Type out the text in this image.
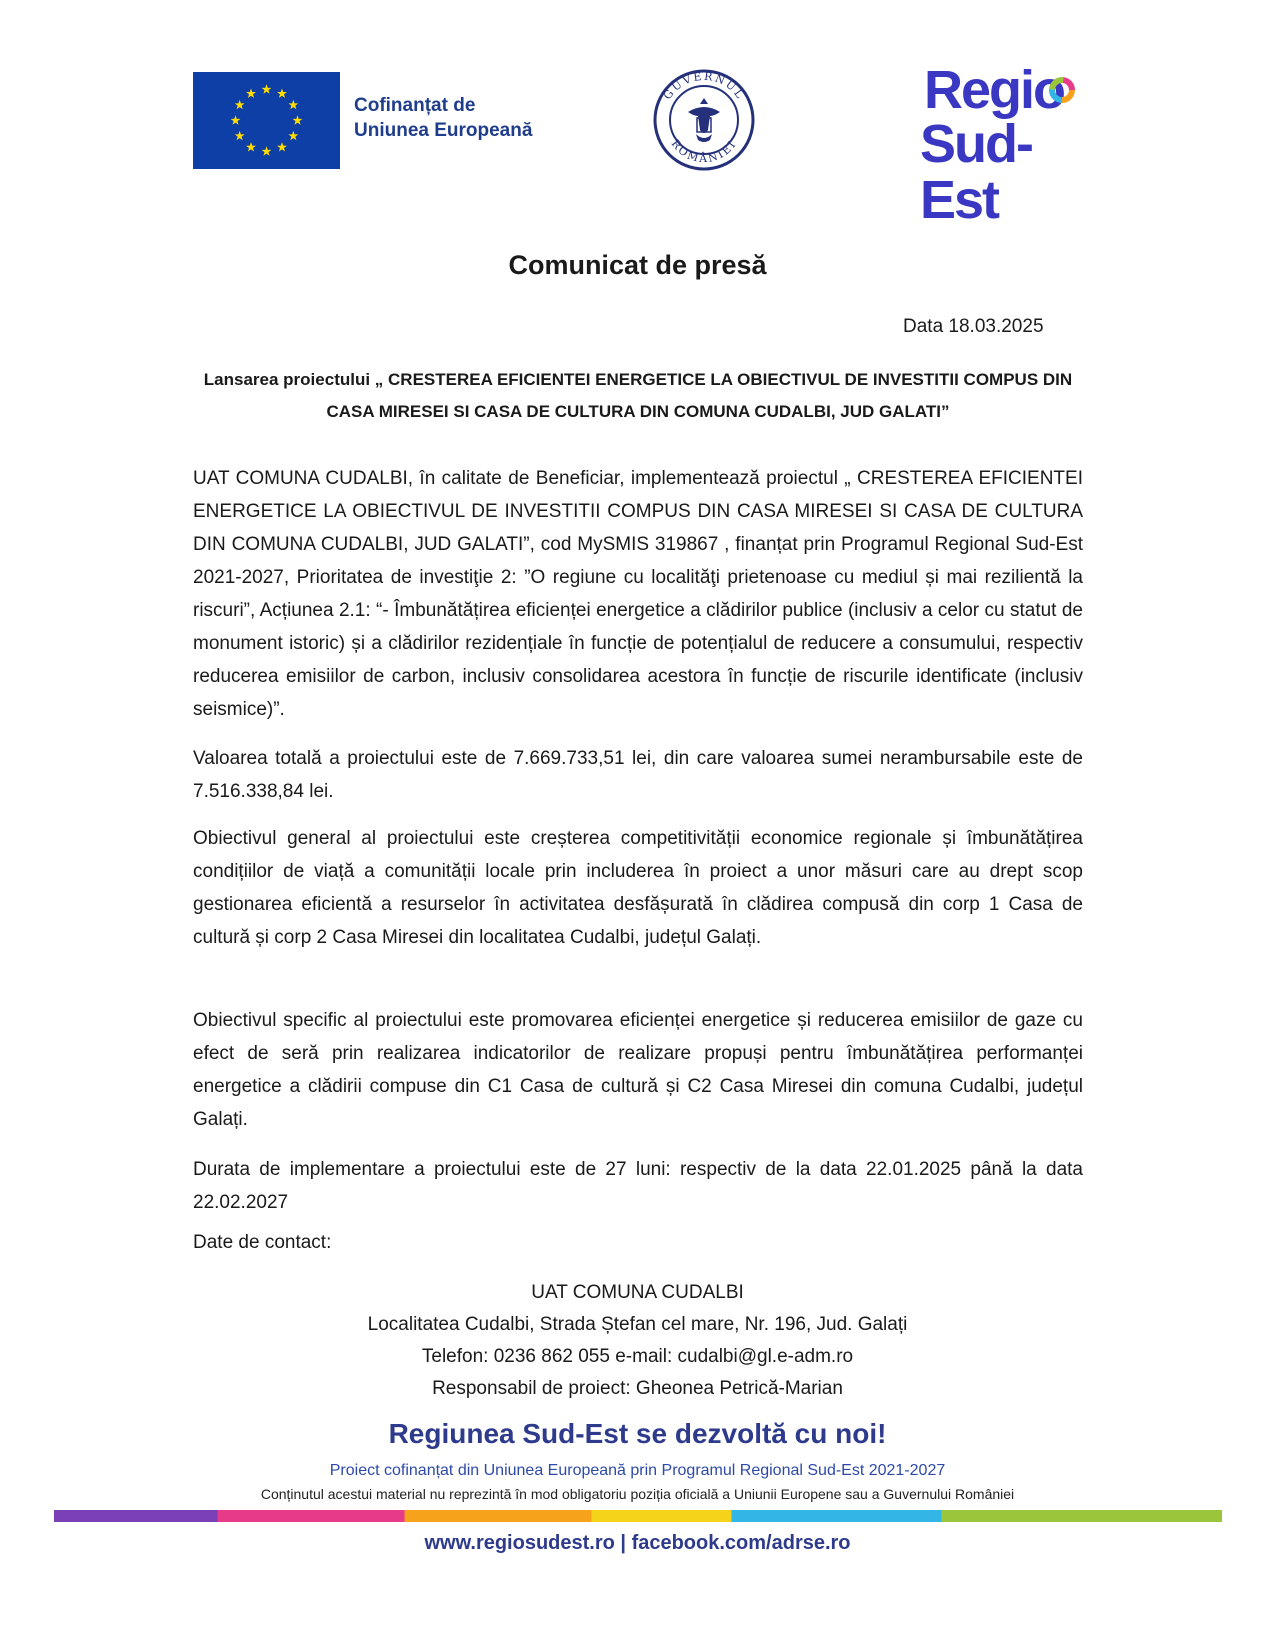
Cofinanțat de
Uniunea Europeană
GUVERNUL
ROMÂNIEI
Regio
Sud-Est
Comunicat de presă
Data 18.03.2025
Lansarea proiectului „ CRESTEREA EFICIENTEI ENERGETICE LA OBIECTIVUL DE INVESTITII COMPUS DIN CASA MIRESEI SI CASA DE CULTURA DIN COMUNA CUDALBI, JUD GALATI”
UAT COMUNA CUDALBI, în calitate de Beneficiar, implementează proiectul „ CRESTEREA EFICIENTEI ENERGETICE LA OBIECTIVUL DE INVESTITII COMPUS DIN CASA MIRESEI SI CASA DE CULTURA DIN COMUNA CUDALBI, JUD GALATI”, cod MySMIS 319867 , finanțat prin Programul Regional Sud-Est 2021-2027, Prioritatea de investiţie 2: ”O regiune cu localităţi prietenoase cu mediul și mai rezilientă la riscuri”, Acțiunea 2.1: “- Îmbunătățirea eficienței energetice a clădirilor publice (inclusiv a celor cu statut de monument istoric) și a clădirilor rezidențiale în funcție de potențialul de reducere a consumului, respectiv reducerea emisiilor de carbon, inclusiv consolidarea acestora în funcție de riscurile identificate (inclusiv seismice)”.
Valoarea totală a proiectului este de 7.669.733,51 lei, din care valoarea sumei nerambursabile este de 7.516.338,84 lei.
Obiectivul general al proiectului este creșterea competitivității economice regionale și îmbunătățirea condițiilor de viață a comunității locale prin includerea în proiect a unor măsuri care au drept scop gestionarea eficientă a resurselor în activitatea desfășurată în clădirea compusă din corp 1 Casa de cultură și corp 2 Casa Miresei din localitatea Cudalbi, județul Galați.
Obiectivul specific al proiectului este promovarea eficienței energetice și reducerea emisiilor de gaze cu efect de seră prin realizarea indicatorilor de realizare propuși pentru îmbunătățirea performanței energetice a clădirii compuse din C1 Casa de cultură și C2 Casa Miresei din comuna Cudalbi, județul Galați.
Durata de implementare a proiectului este de 27 luni: respectiv de la data 22.01.2025 până la data 22.02.2027
Date de contact:
UAT COMUNA CUDALBI
Localitatea Cudalbi, Strada Ștefan cel mare, Nr. 196, Jud. Galați
Telefon: 0236 862 055 e-mail: cudalbi@gl.e-adm.ro
Responsabil de proiect: Gheonea Petrică-Marian
Regiunea Sud-Est se dezvoltă cu noi!
Proiect cofinanțat din Uniunea Europeană prin Programul Regional Sud-Est 2021-2027
Conținutul acestui material nu reprezintă în mod obligatoriu poziția oficială a Uniunii Europene sau a Guvernului României
www.regiosudest.ro | facebook.com/adrse.ro
